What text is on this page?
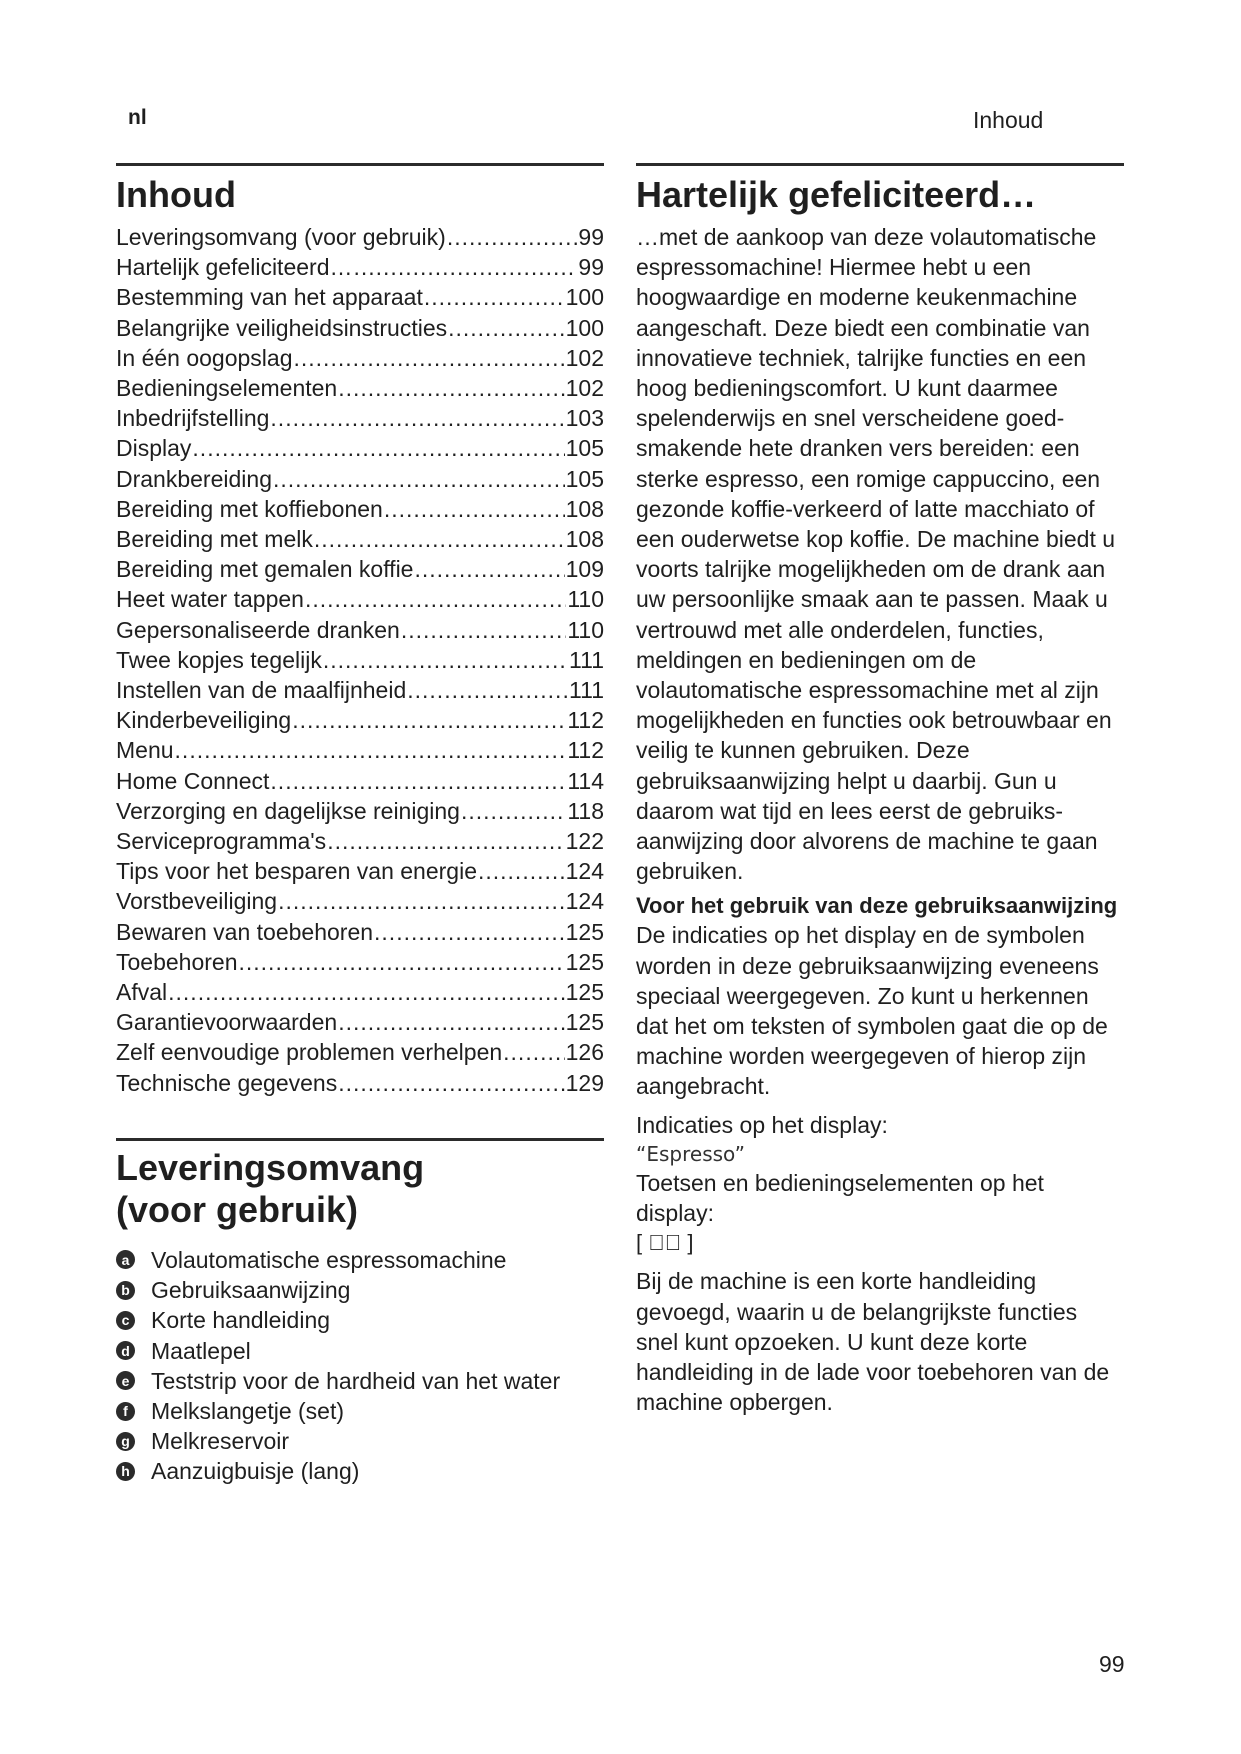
nl	Inhoud
Inhoud
Leveringsomvang (voor gebruik) .....	99
Hartelijk gefeliciteerd… .....	99
Bestemming van het apparaat .....	100
Belangrijke veiligheidsinstructies .....	100
In één oogopslag .....	102
Bedieningselementen .....	102
Inbedrijfstelling .....	103
Display .....	105
Drankbereiding .....	105
Bereiding met koffiebonen .....	108
Bereiding met melk .....	108
Bereiding met gemalen koffie .....	109
Heet water tappen .....	110
Gepersonaliseerde dranken .....	110
Twee kopjes tegelijk .....	111
Instellen van de maalfijnheid .....	111
Kinderbeveiliging .....	112
Menu .....	112
Home Connect .....	114
Verzorging en dagelijkse reiniging .....	118
Serviceprogramma's .....	122
Tips voor het besparen van energie .....	124
Vorstbeveiliging .....	124
Bewaren van toebehoren .....	125
Toebehoren .....	125
Afval .....	125
Garantievoorwaarden .....	125
Zelf eenvoudige problemen verhelpen .....	126
Technische gegevens .....	129
Leveringsomvang
(voor gebruik)
a Volautomatische espressomachine
b Gebruiksaanwijzing
c Korte handleiding
d Maatlepel
e Teststrip voor de hardheid van het water
f	Melkslangetje (set)
g Melkreservoir
h Aanzuigbuisje (lang)
Hartelijk gefeliciteerd…

…met de aankoop van deze volautomatische espressomachine! Hiermee hebt u een hoogwaardige en moderne keukenmachine aangeschaft. Deze biedt een combinatie van innovatieve techniek, talrijke functies en een hoog bedieningscomfort. U kunt daarmee spelenderwijs en snel verscheidene goedsmakende hete dranken vers bereiden: een sterke espresso, een romige cappuccino, een gezonde koffie-verkeerd of latte macchiato of een ouderwetse kop koffie. De machine biedt u voorts talrijke mogelijkheden om de drank aan uw persoonlijke smaak aan te passen. Maak u vertrouwd met alle onderdelen, functies, meldingen en bedieningen om de volautomatische espressomachine met al zijn mogelijkheden en functies ook betrouwbaar en veilig te kunnen gebruiken. Deze gebruiksaanwijzing helpt u daarbij. Gun u daarom wat tijd en lees eerst de gebruiksaanwijzing door alvorens de machine te gaan gebruiken.

Voor het gebruik van deze gebruiksaanwijzing

De indicaties op het display en de symbolen worden in deze gebruiksaanwijzing eveneens speciaal weergegeven. Zo kunt u herkennen dat het om teksten of symbolen gaat die op de machine worden weergegeven of hierop zijn aangebracht.

Indicaties op het display:

“Espresso”

Toetsen en bedieningselementen op het display:

[ ▷⃝ ]

Bij de machine is een korte handleiding gevoegd, waarin u de belangrijkste functies snel kunt opzoeken. U kunt deze korte handleiding in de lade voor toebehoren van de machine opbergen.

99
